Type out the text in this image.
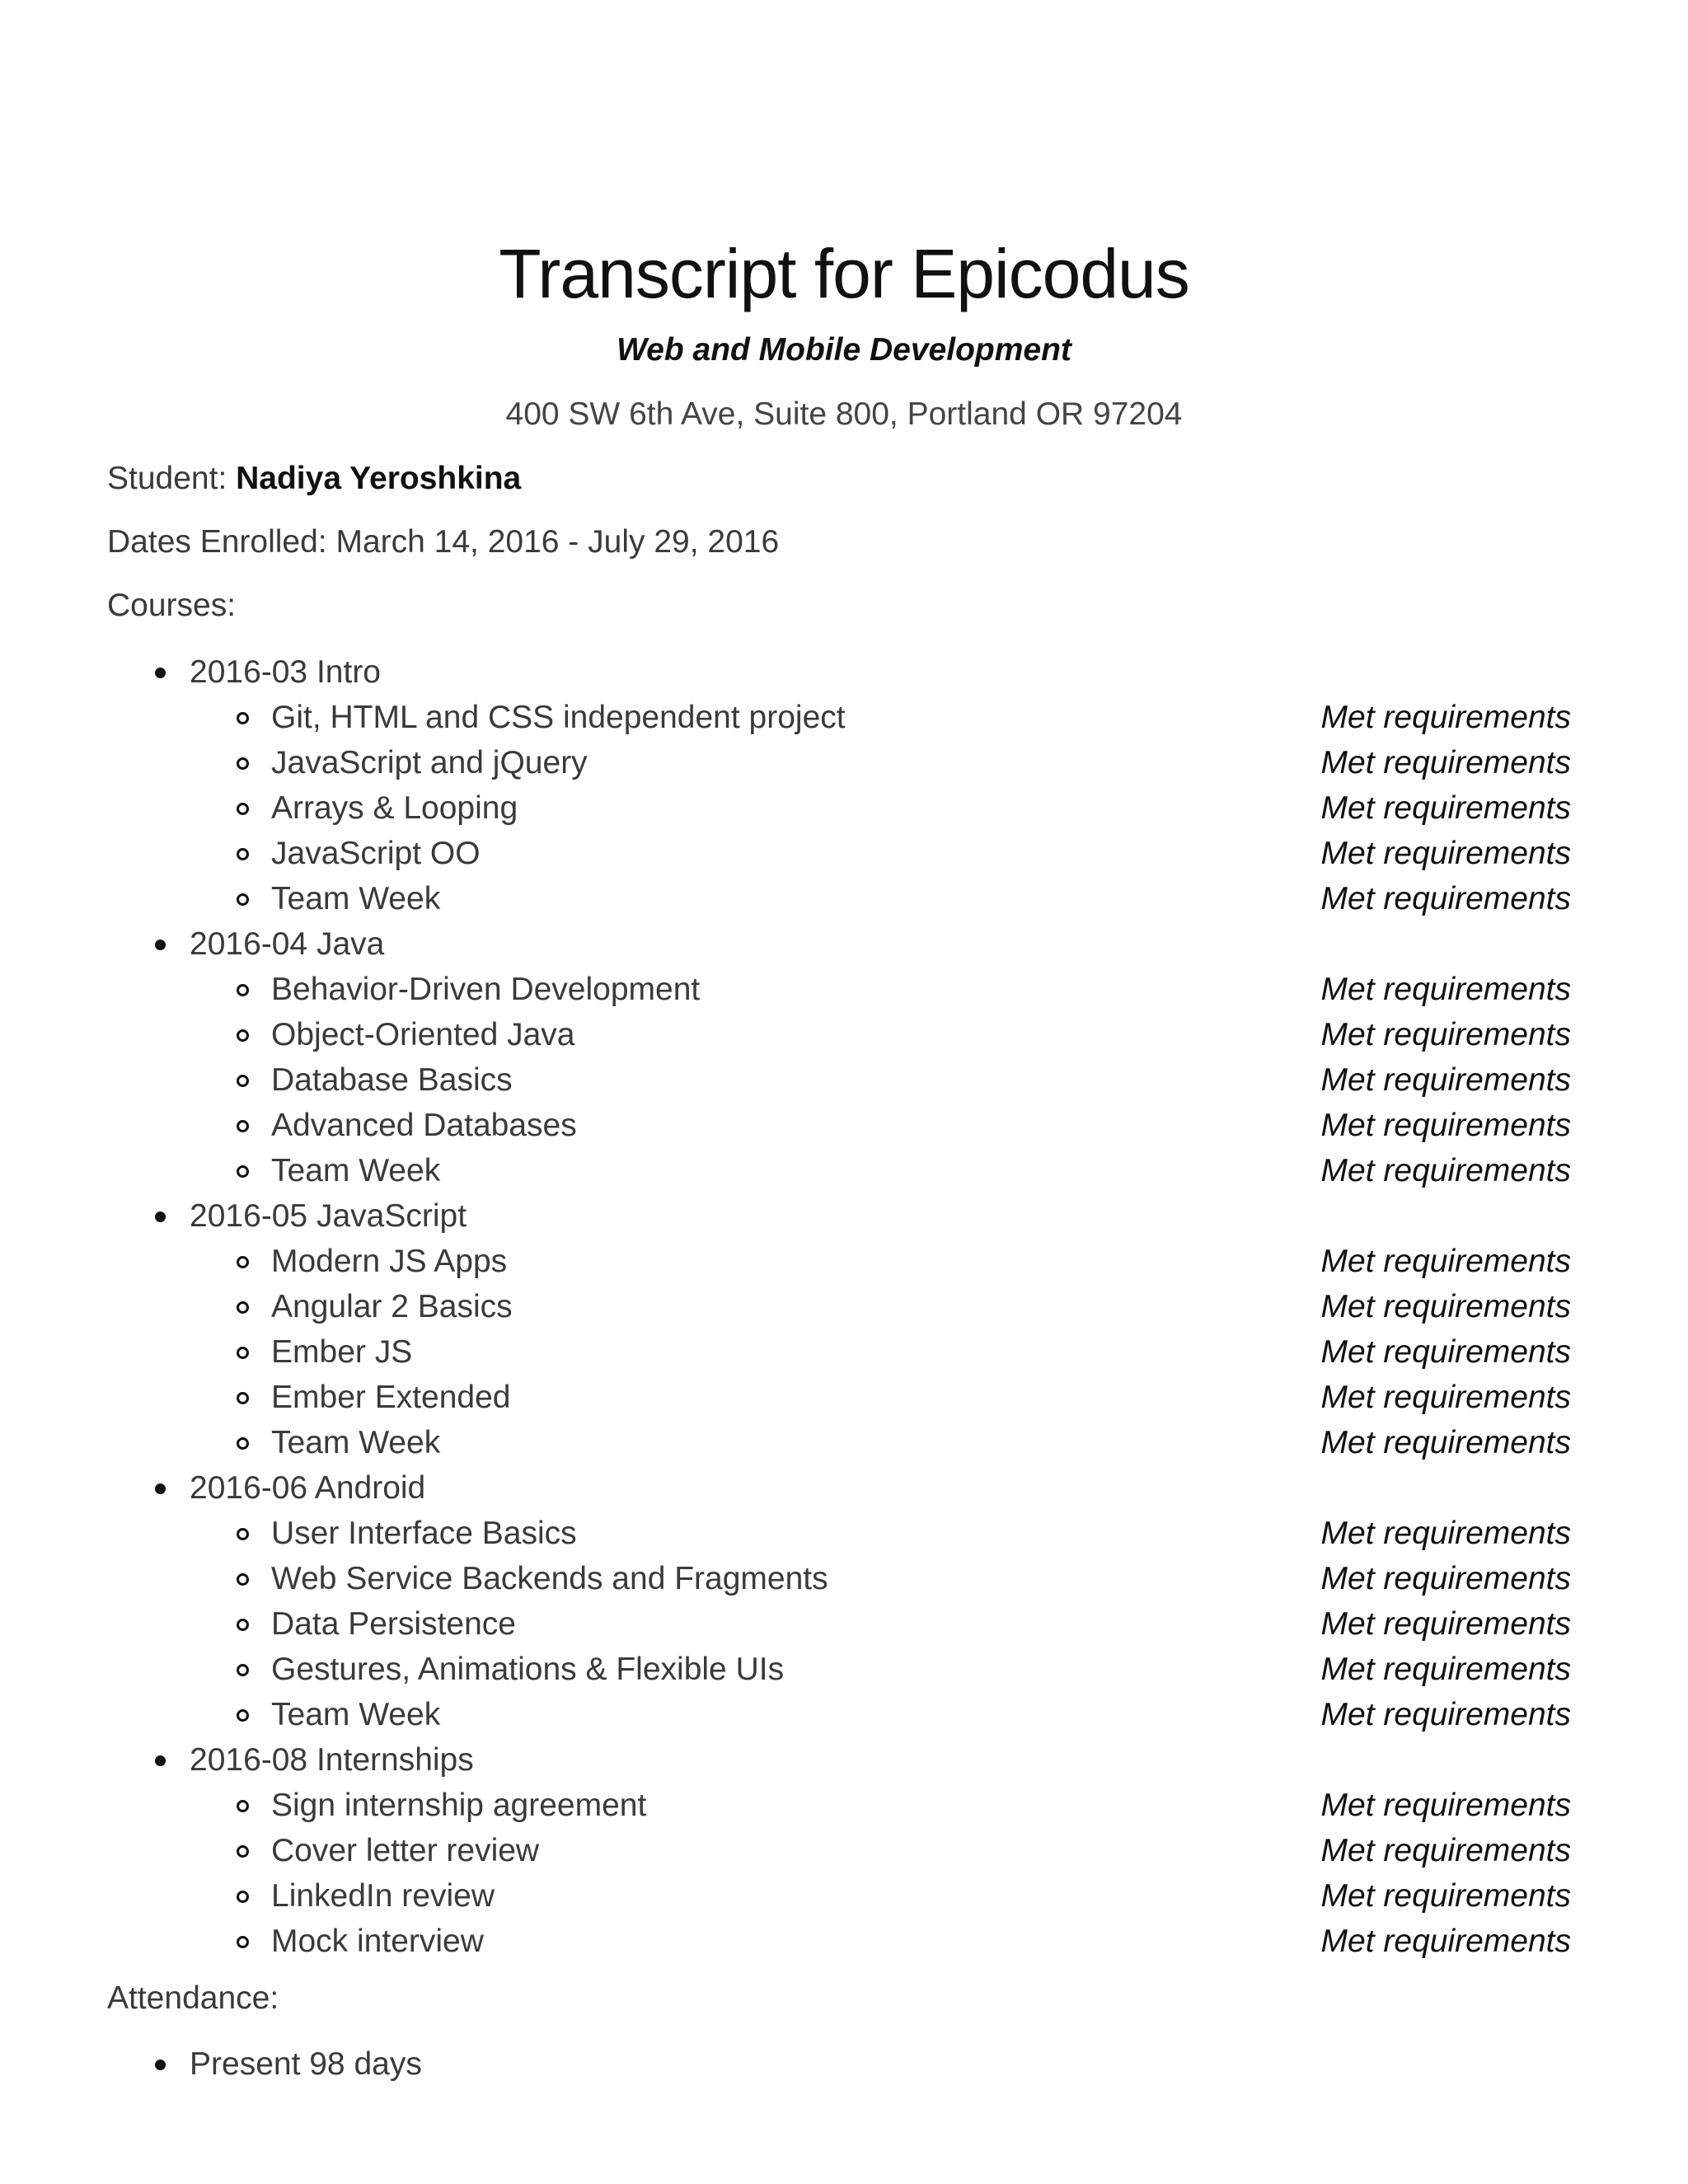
Transcript for Epicodus
Web and Mobile Development
400 SW 6th Ave, Suite 800, Portland OR 97204
Student: Nadiya Yeroshkina
Dates Enrolled: March 14, 2016 - July 29, 2016
Courses:
2016-03 Intro
Git, HTML and CSS independent project	Met requirements
JavaScript and jQuery	Met requirements
Arrays & Looping	Met requirements
JavaScript OO	Met requirements
Team Week	Met requirements
2016-04 Java
Behavior-Driven Development	Met requirements
Object-Oriented Java	Met requirements
Database Basics	Met requirements
Advanced Databases	Met requirements
Team Week	Met requirements
2016-05 JavaScript
Modern JS Apps	Met requirements
Angular 2 Basics	Met requirements
Ember JS	Met requirements
Ember Extended	Met requirements
Team Week	Met requirements
2016-06 Android
User Interface Basics	Met requirements
Web Service Backends and Fragments	Met requirements
Data Persistence	Met requirements
Gestures, Animations & Flexible UIs	Met requirements
Team Week	Met requirements
2016-08 Internships
Sign internship agreement	Met requirements
Cover letter review	Met requirements
LinkedIn review	Met requirements
Mock interview	Met requirements
Attendance:
Present 98 days
